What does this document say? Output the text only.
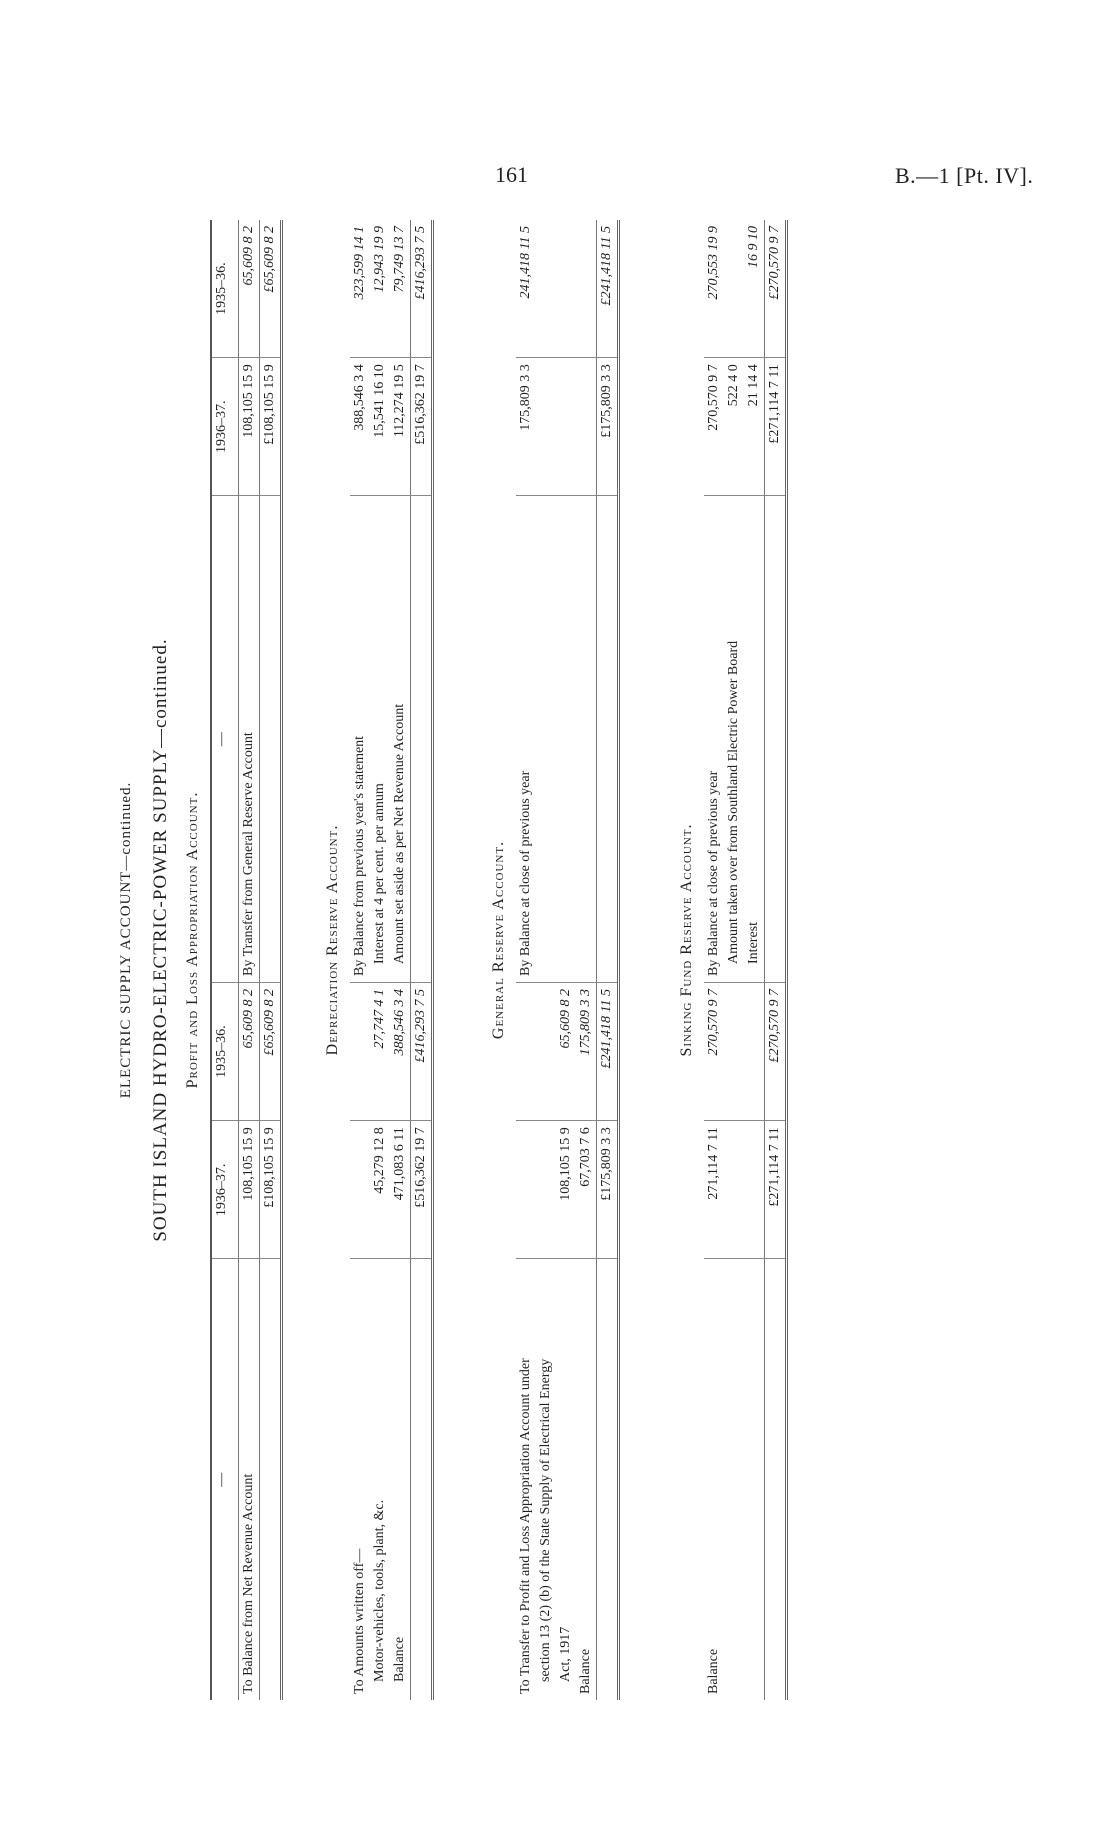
161	B.—1 [Pt. IV].
ELECTRIC SUPPLY ACCOUNT—continued. SOUTH ISLAND HYDRO-ELECTRIC-POWER SUPPLY—continued. Profit and Loss Appropriation Account.
—	1936–37.	1935–36.	—	1936–37.	1935–36.
To Balance from Net Revenue Account	108,105 15 9	65,609 8 2	By Transfer from General Reserve Account	108,105 15 9	65,609 8 2
	£108,105 15 9	£65,609 8 2		£108,105 15 9	£65,609 8 2
Depreciation Reserve Account.
To Amounts written off—			By Balance from previous year's statement	388,546 3 4	323,599 14 1
Motor-vehicles, tools, plant, &c.	45,279 12 8	27,747 4 1	Interest at 4 per cent. per annum	15,541 16 10	12,943 19 9
Balance	471,083 6 11	388,546 3 4	Amount set aside as per Net Revenue Account	112,274 19 5	79,749 13 7
	£516,362 19 7	£416,293 7 5		£516,362 19 7	£416,293 7 5
General Reserve Account.
To Transfer to Profit and Loss Appropriation Account under			By Balance at close of previous year	175,809 3 3	241,418 11 5
section 13 (2) (b) of the State Supply of Electrical Energy					
Act, 1917	108,105 15 9	65,609 8 2			
Balance	67,703 7 6	175,809 3 3			
	£175,809 3 3	£241,418 11 5		£175,809 3 3	£241,418 11 5
Sinking Fund Reserve Account.
Balance	271,114 7 11	270,570 9 7	By Balance at close of previous year	270,570 9 7	270,553 19 9
			Amount taken over from Southland Electric Power Board	522 4 0	
			Interest	21 14 4	16 9 10
	£271,114 7 11	£270,570 9 7		£271,114 7 11	£270,570 9 7
